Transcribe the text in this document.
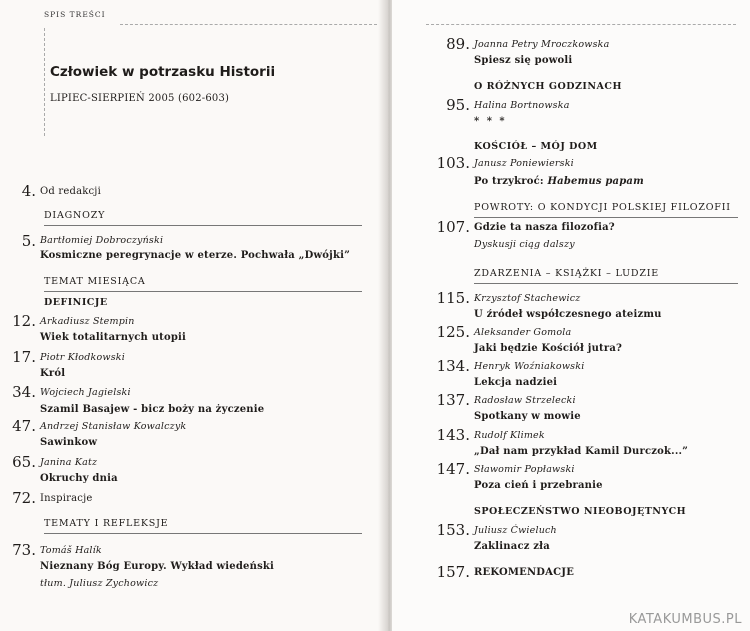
SPIS TREŚCI
Człowiek w potrzasku Historii
LIPIEC-SIERPIEŃ 2005 (602-603)
4. Od redakcji
DIAGNOZY
5. Bartłomiej Dobroczyński
Kosmiczne peregrynacje w eterze. Pochwała „Dwójki”
TEMAT MIESIĄCA
DEFINICJE
12. Arkadiusz Stempin
Wiek totalitarnych utopii
17. Piotr Kłodkowski
Król
34. Wojciech Jagielski
Szamil Basajew - bicz boży na życzenie
47. Andrzej Stanisław Kowalczyk
Sawinkow
65. Janina Katz
Okruchy dnia
72. Inspiracje
TEMATY I REFLEKSJE
73. Tomáš Halík
Nieznany Bóg Europy. Wykład wiedeński
tłum. Juliusz Zychowicz
89. Joanna Petry Mroczkowska
Spiesz się powoli
O RÓŻNYCH GODZINACH
95. Halina Bortnowska
* * *
KOŚCIÓŁ – MÓJ DOM
103. Janusz Poniewierski
Po trzykroć: Habemus papam
POWROTY: O KONDYCJI POLSKIEJ FILOZOFII
107. Gdzie ta nasza filozofia?
Dyskusji ciąg dalszy
ZDARZENIA – KSIĄŻKI – LUDZIE
115. Krzysztof Stachewicz
U źródeł współczesnego ateizmu
125. Aleksander Gomola
Jaki będzie Kościół jutra?
134. Henryk Woźniakowski
Lekcja nadziei
137. Radosław Strzelecki
Spotkany w mowie
143. Rudolf Klimek
„Dał nam przykład Kamil Durczok...”
147. Sławomir Popławski
Poza cień i przebranie
SPOŁECZEŃSTWO NIEOBOJĘTNYCH
153. Juliusz Ćwieluch
Zaklinacz zła
157. REKOMENDACJE
KATAKUMBUS.PL
